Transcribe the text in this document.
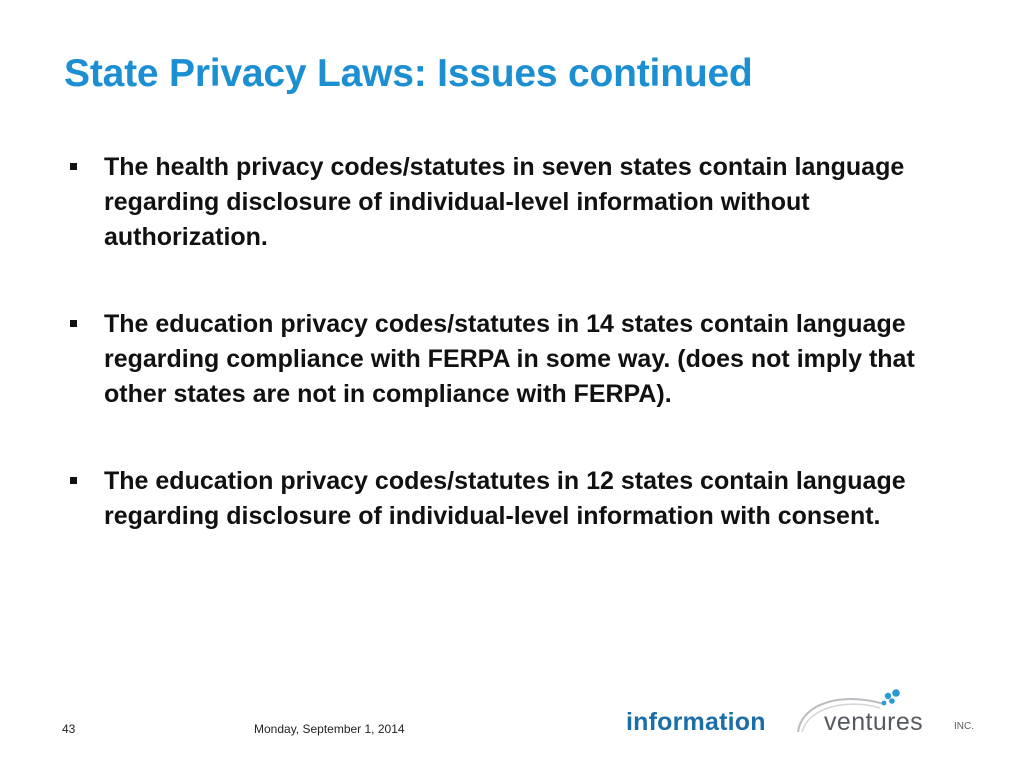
State Privacy Laws: Issues continued
The health privacy codes/statutes in seven states contain language regarding disclosure of individual-level information without authorization.
The education privacy codes/statutes in 14 states contain language regarding compliance with FERPA in some way. (does not imply that other states are not in compliance with FERPA).
The education privacy codes/statutes in 12 states contain language regarding disclosure of individual-level information with consent.
43	Monday, September 1, 2014	information ventures	INC.
